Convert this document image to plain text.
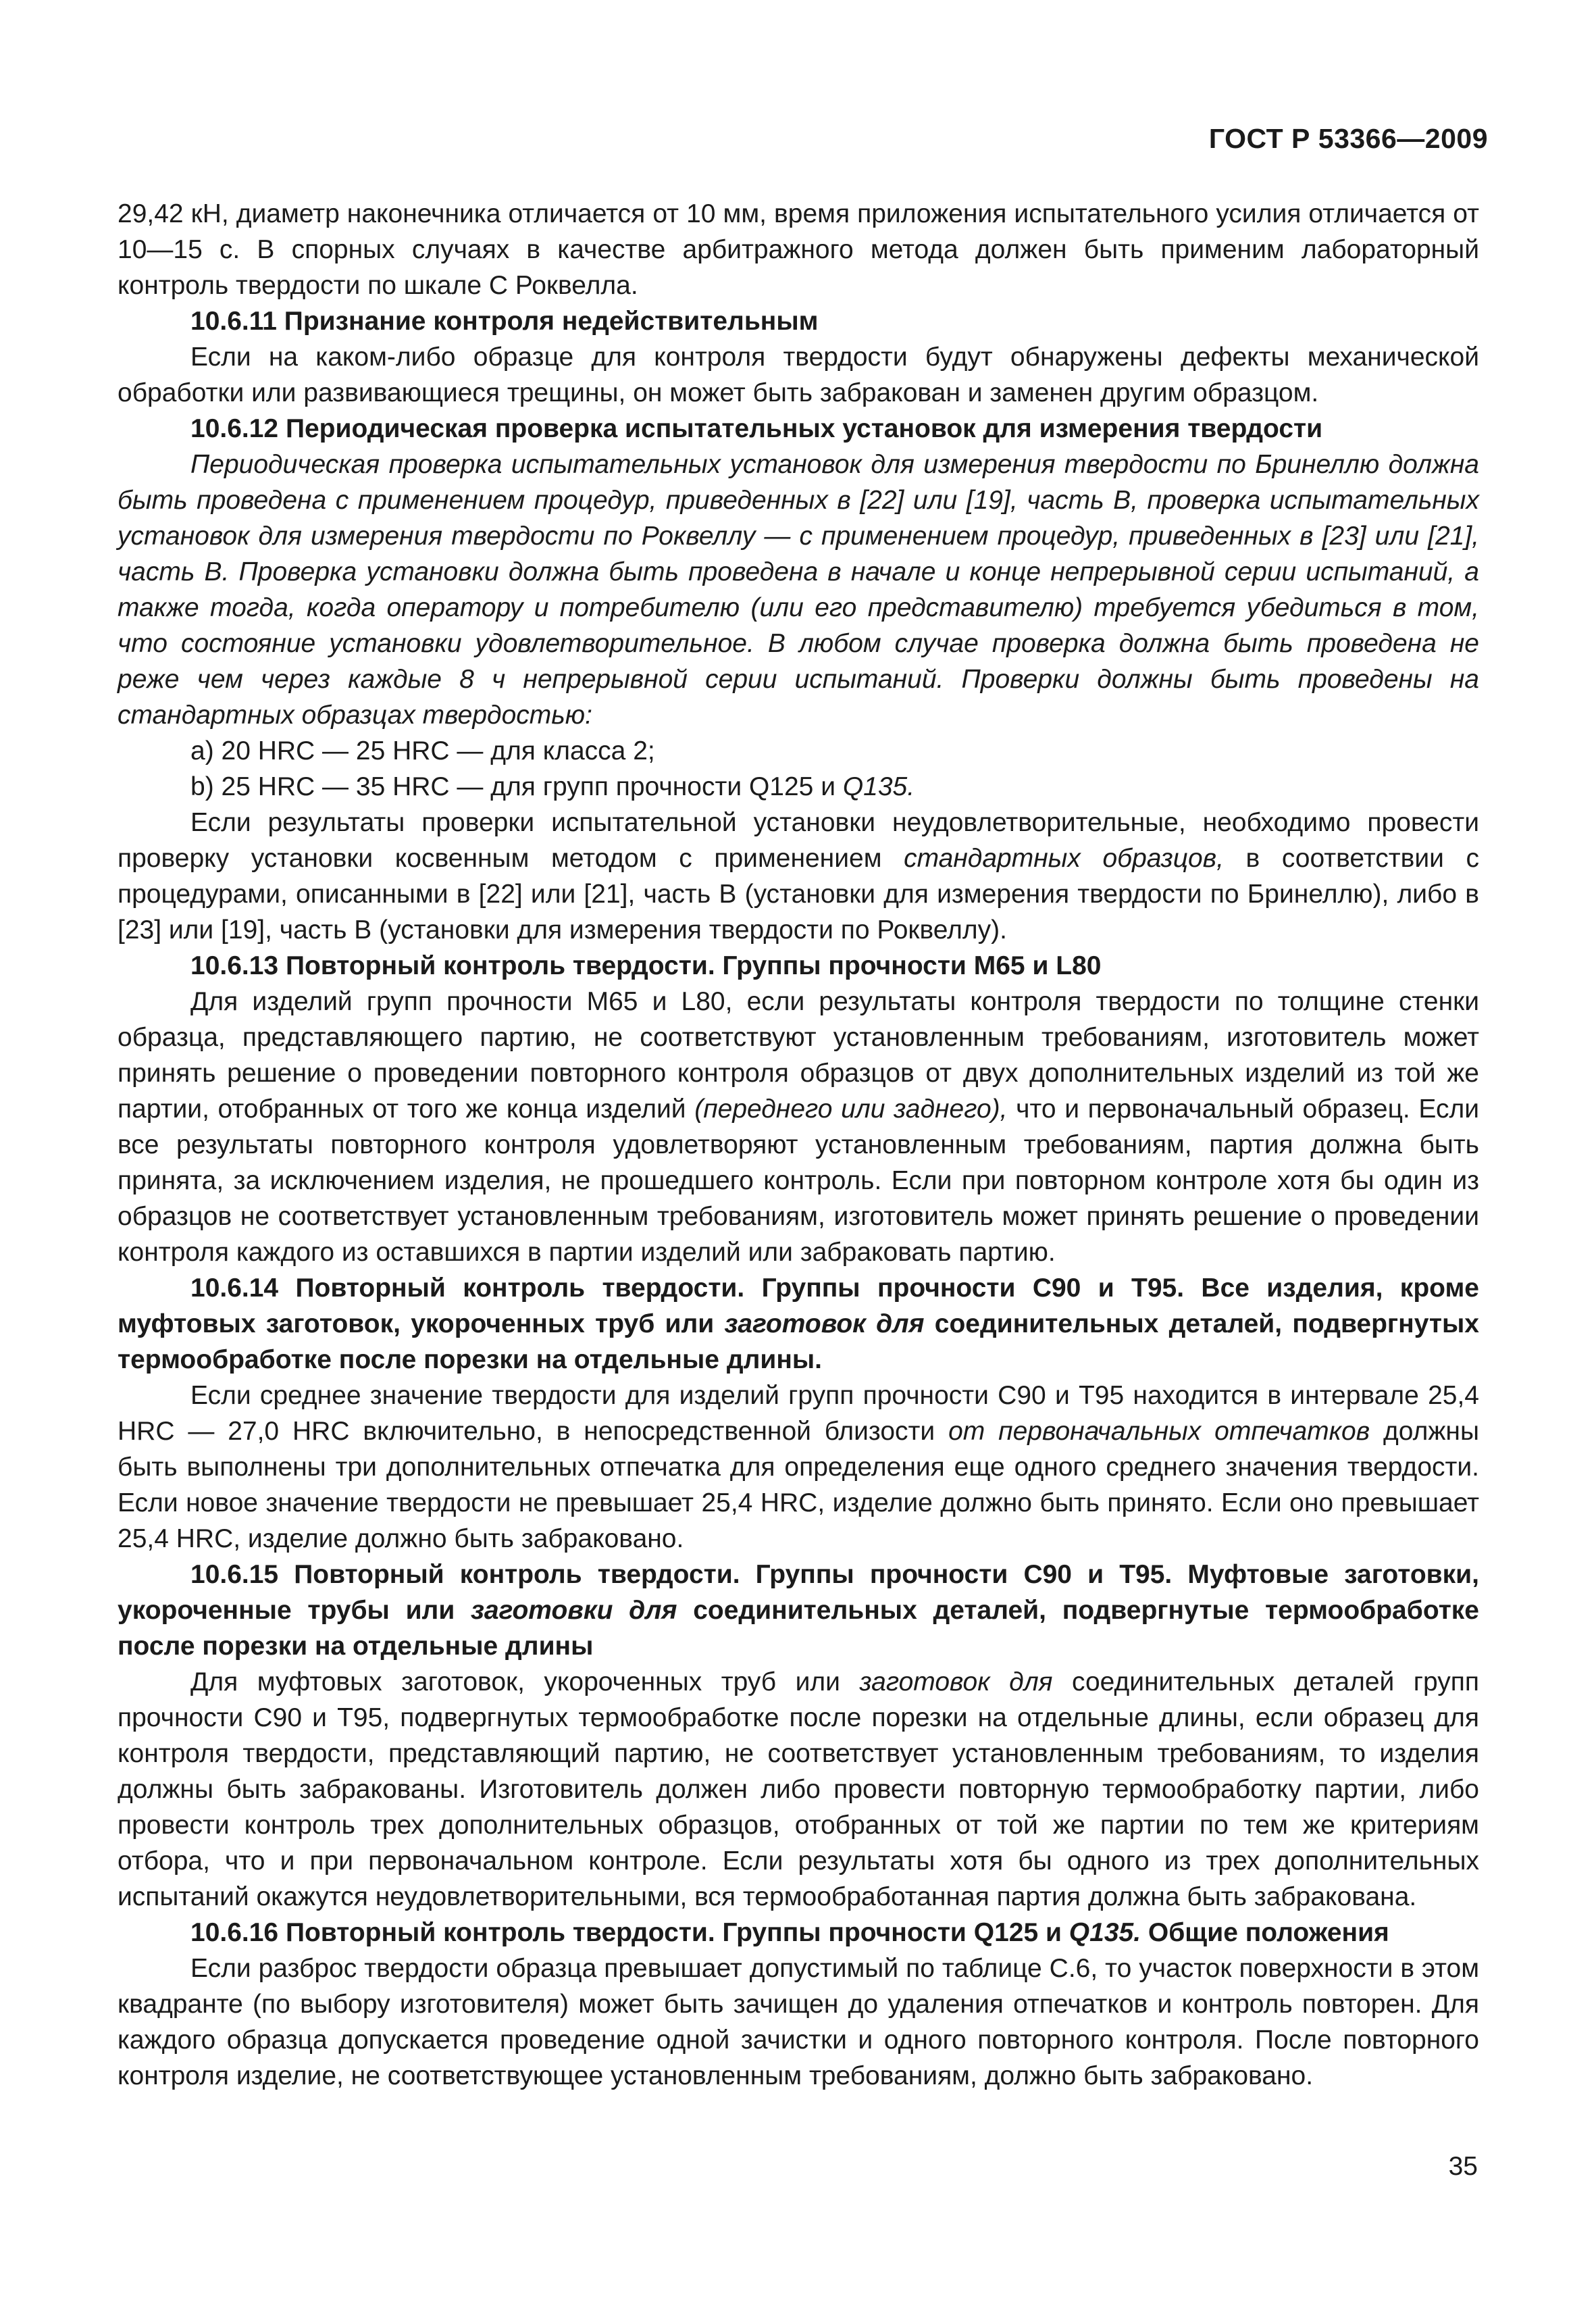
ГОСТ Р 53366—2009

29,42 кН, диаметр наконечника отличается от 10 мм, время приложения испытательного усилия отличается от 10—15 с. В спорных случаях в качестве арбитражного метода должен быть применим лабораторный контроль твердости по шкале С Роквелла.

10.6.11 Признание контроля недействительным

Если на каком-либо образце для контроля твердости будут обнаружены дефекты механической обработки или развивающиеся трещины, он может быть забракован и заменен другим образцом.

10.6.12 Периодическая проверка испытательных установок для измерения твердости

Периодическая проверка испытательных установок для измерения твердости по Бринеллю должна быть проведена с применением процедур, приведенных в [22] или [19], часть В, проверка испытательных установок для измерения твердости по Роквеллу — с применением процедур, приведенных в [23] или [21], часть В. Проверка установки должна быть проведена в начале и конце непрерывной серии испытаний, а также тогда, когда оператору и потребителю (или его представителю) требуется убедиться в том, что состояние установки удовлетворительное. В любом случае проверка должна быть проведена не реже чем через каждые 8 ч непрерывной серии испытаний. Проверки должны быть проведены на стандартных образцах твердостью:

a) 20 HRC — 25 HRC — для класса 2;

b) 25 HRC — 35 HRC — для групп прочности Q125 и Q135.

Если результаты проверки испытательной установки неудовлетворительные, необходимо провести проверку установки косвенным методом с применением стандартных образцов, в соответствии с процедурами, описанными в [22] или [21], часть В (установки для измерения твердости по Бринеллю), либо в [23] или [19], часть В (установки для измерения твердости по Роквеллу).

10.6.13 Повторный контроль твердости. Группы прочности М65 и L80

Для изделий групп прочности М65 и L80, если результаты контроля твердости по толщине стенки образца, представляющего партию, не соответствуют установленным требованиям, изготовитель может принять решение о проведении повторного контроля образцов от двух дополнительных изделий из той же партии, отобранных от того же конца изделий (переднего или заднего), что и первоначальный образец. Если все результаты повторного контроля удовлетворяют установленным требованиям, партия должна быть принята, за исключением изделия, не прошедшего контроль. Если при повторном контроле хотя бы один из образцов не соответствует установленным требованиям, изготовитель может принять решение о проведении контроля каждого из оставшихся в партии изделий или забраковать партию.

10.6.14 Повторный контроль твердости. Группы прочности С90 и Т95. Все изделия, кроме муфтовых заготовок, укороченных труб или заготовок для соединительных деталей, подвергнутых термообработке после порезки на отдельные длины.

Если среднее значение твердости для изделий групп прочности С90 и Т95 находится в интервале 25,4 HRC — 27,0 HRC включительно, в непосредственной близости от первоначальных отпечатков должны быть выполнены три дополнительных отпечатка для определения еще одного среднего значения твердости. Если новое значение твердости не превышает 25,4 HRC, изделие должно быть принято. Если оно превышает 25,4 HRC, изделие должно быть забраковано.

10.6.15 Повторный контроль твердости. Группы прочности С90 и Т95. Муфтовые заготовки, укороченные трубы или заготовки для соединительных деталей, подвергнутые термообработке после порезки на отдельные длины

Для муфтовых заготовок, укороченных труб или заготовок для соединительных деталей групп прочности С90 и Т95, подвергнутых термообработке после порезки на отдельные длины, если образец для контроля твердости, представляющий партию, не соответствует установленным требованиям, то изделия должны быть забракованы. Изготовитель должен либо провести повторную термообработку партии, либо провести контроль трех дополнительных образцов, отобранных от той же партии по тем же критериям отбора, что и при первоначальном контроле. Если результаты хотя бы одного из трех дополнительных испытаний окажутся неудовлетворительными, вся термообработанная партия должна быть забракована.

10.6.16 Повторный контроль твердости. Группы прочности Q125 и Q135. Общие положения

Если разброс твердости образца превышает допустимый по таблице С.6, то участок поверхности в этом квадранте (по выбору изготовителя) может быть зачищен до удаления отпечатков и контроль повторен. Для каждого образца допускается проведение одной зачистки и одного повторного контроля. После повторного контроля изделие, не соответствующее установленным требованиям, должно быть забраковано.

35
